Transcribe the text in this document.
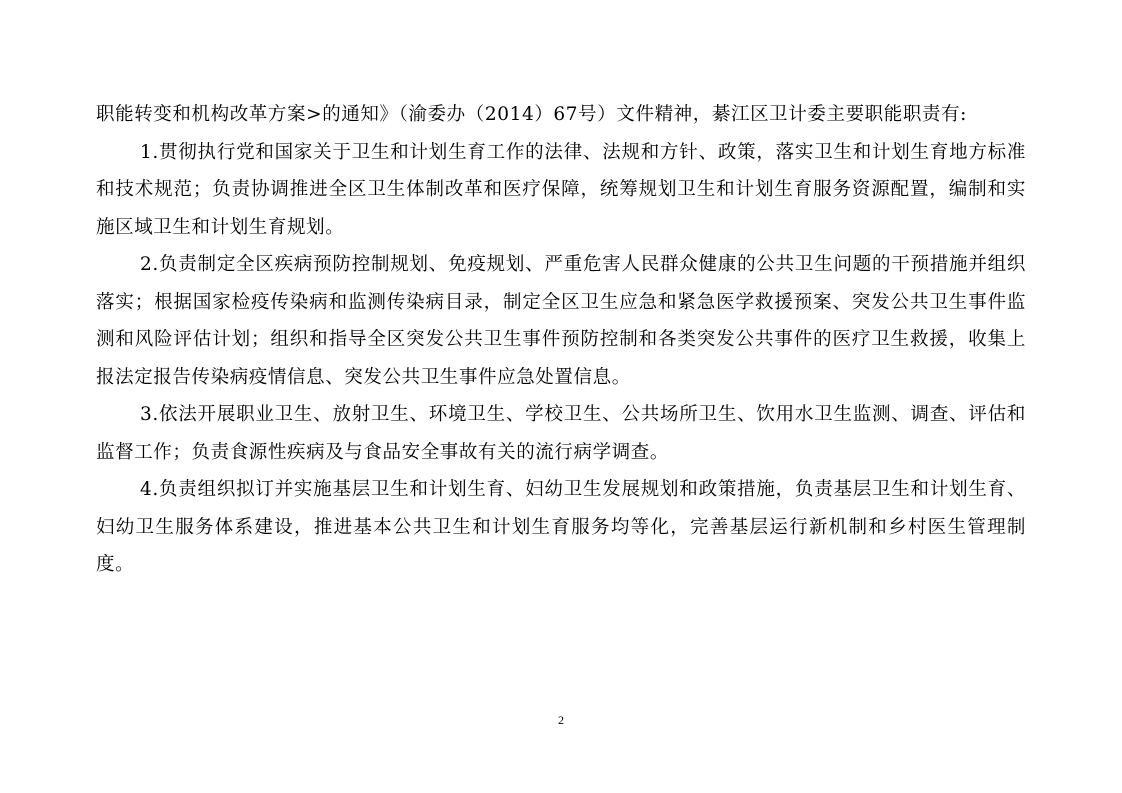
职能转变和机构改革方案>的通知》（渝委办（2014）67号）文件精神，綦江区卫计委主要职能职责有:

1.贯彻执行党和国家关于卫生和计划生育工作的法律、法规和方针、政策，落实卫生和计划生育地方标准和技术规范；负责协调推进全区卫生体制改革和医疗保障，统筹规划卫生和计划生育服务资源配置，编制和实施区域卫生和计划生育规划。

2.负责制定全区疾病预防控制规划、免疫规划、严重危害人民群众健康的公共卫生问题的干预措施并组织落实；根据国家检疫传染病和监测传染病目录，制定全区卫生应急和紧急医学救援预案、突发公共卫生事件监测和风险评估计划；组织和指导全区突发公共卫生事件预防控制和各类突发公共事件的医疗卫生救援，收集上报法定报告传染病疫情信息、突发公共卫生事件应急处置信息。

3.依法开展职业卫生、放射卫生、环境卫生、学校卫生、公共场所卫生、饮用水卫生监测、调查、评估和监督工作；负责食源性疾病及与食品安全事故有关的流行病学调查。

4.负责组织拟订并实施基层卫生和计划生育、妇幼卫生发展规划和政策措施，负责基层卫生和计划生育、妇幼卫生服务体系建设，推进基本公共卫生和计划生育服务均等化，完善基层运行新机制和乡村医生管理制度。

2
